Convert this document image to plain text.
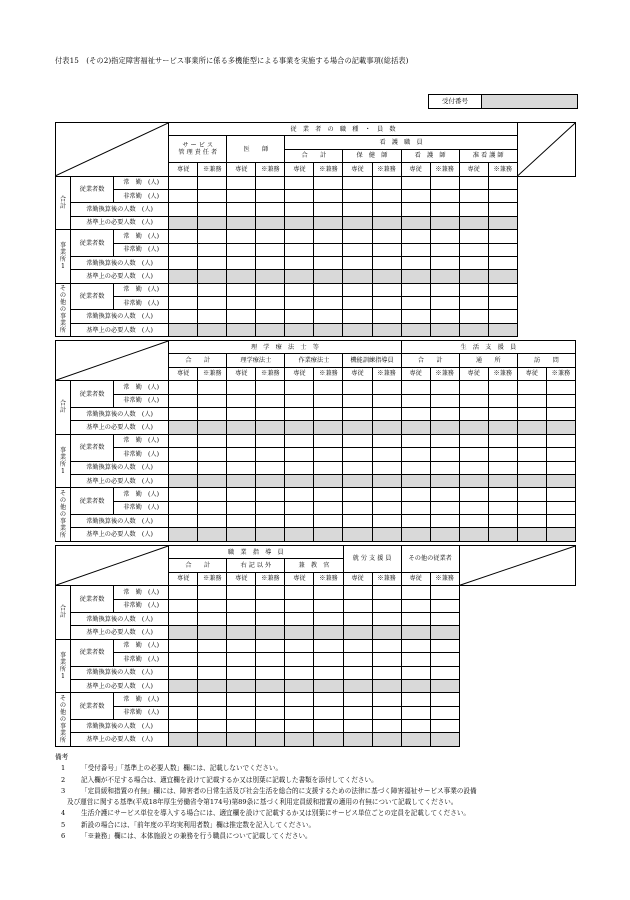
付表15　(その2)指定障害福祉サービス事業所に係る多機能型による事業を実施する場合の記載事項(総括表)
受付番号
	従　業　者　の　職　種　・　員　数	

			サ ー ビ ス
管 理 責 任 者		医　　師		看　護　職　員								
							合　　計		保　健　師		看　護　師		准 看 護 師		
			専従	※兼務	専従	※兼務	専従	※兼務	専従	※兼務	専従	※兼務	専従	※兼務	
合計	従業者数	常　勤　(人)													
		非常勤　(人)													
	常勤換算後の人数　(人)														
	基準上の必要人数　(人)														
事業所1	従業者数	常　勤　(人)													
		非常勤　(人)													
	常勤換算後の人数　(人)														
	基準上の必要人数　(人)														
その他の事業所	従業者数	常　勤　(人)													
		非常勤　(人)													
	常勤換算後の人数　(人)														
	基準上の必要人数　(人)														
	理　学　療　法　士　等								生　活　支　援　員					
			合　　計		理学療法士		作業療法士		機能訓練指導員		合　　計		通　　所		訪　　問	
			専従	※兼務	専従	※兼務	専従	※兼務	専従	※兼務	専従	※兼務	専従	※兼務	専従	※兼務
合計	従業者数	常　勤　(人)														
		非常勤　(人)														
	常勤換算後の人数　(人)															
	基準上の必要人数　(人)															
事業所1	従業者数	常　勤　(人)														
		非常勤　(人)														
	常勤換算後の人数　(人)															
	基準上の必要人数　(人)															
その他の事業所	従業者数	常　勤　(人)														
		非常勤　(人)														
	常勤換算後の人数　(人)															
	基準上の必要人数　(人)															
	職　業　指　導　員						就 労 支 援 員		その他の従業者	

			合　　計		右 記 以 外		兼　教　官						
			専従	※兼務	専従	※兼務	専従	※兼務	専従	※兼務	専従	※兼務	
合計	従業者数	常　勤　(人)											
		非常勤　(人)											
	常勤換算後の人数　(人)												
	基準上の必要人数　(人)												
事業所1	従業者数	常　勤　(人)											
		非常勤　(人)											
	常勤換算後の人数　(人)												
	基準上の必要人数　(人)												
その他の事業所	従業者数	常　勤　(人)											
		非常勤　(人)											
	常勤換算後の人数　(人)												
	基準上の必要人数　(人)												
備考
1 「受付番号」「基準上の必要人数」欄には、記載しないでください。
2 記入欄が不足する場合は、適宜欄を設けて記載するか又は別葉に記載した書類を添付してください。
3 「定員緩和措置の有無」欄には、障害者の日常生活及び社会生活を総合的に支援するための法律に基づく障害福祉サービス事業の設備
及び運営に関する基準(平成18年厚生労働省令第174号)第89条に基づく利用定員緩和措置の適用の有無について記載してください。
4 生活介護にサービス単位を導入する場合には、適宜欄を設けて記載するか又は別葉にサービス単位ごとの定員を記載してください。
5 新設の場合には、「前年度の平均実利用者数」欄は推定数を記入してください。
6 「※兼務」欄には、本体施設との兼務を行う職員について記載してください。
